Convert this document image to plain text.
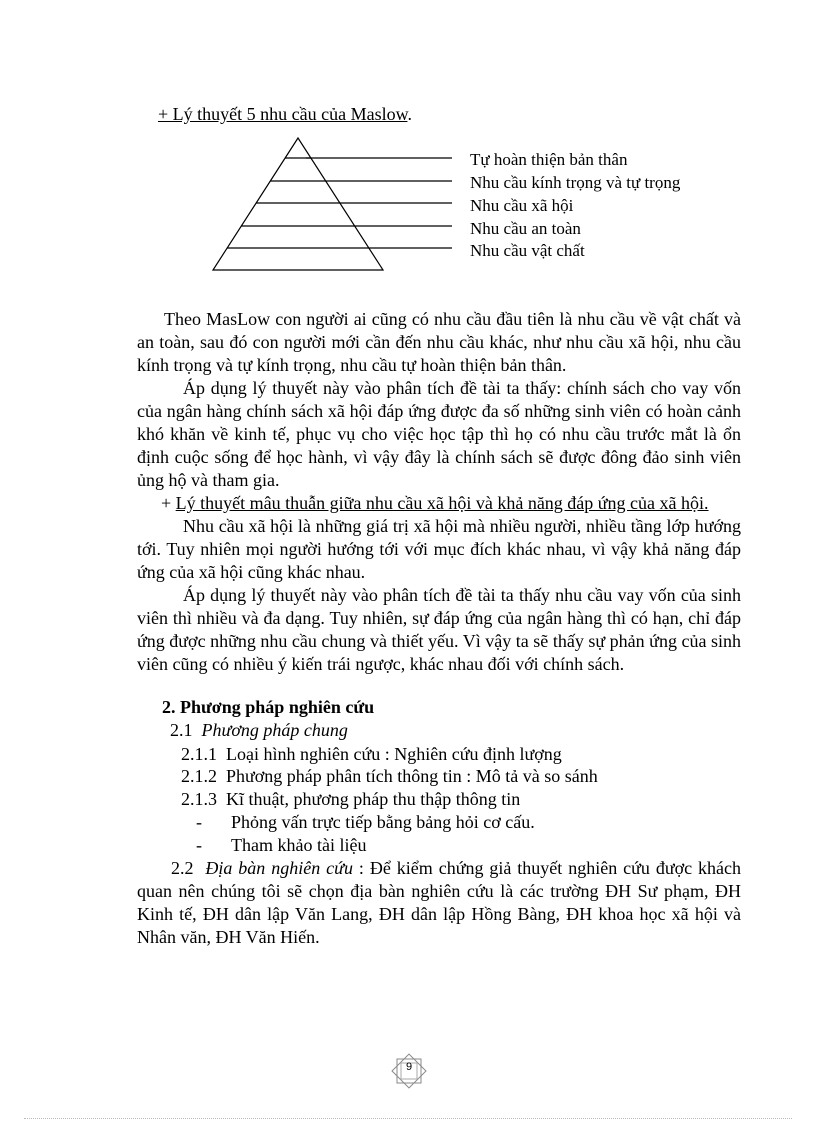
+ Lý thuyết 5 nhu cầu của Maslow.
Tự hoàn thiện bản thân
Nhu cầu kính trọng và tự trọng
Nhu cầu xã hội
Nhu cầu an toàn
Nhu cầu vật chất

Theo MasLow con người ai cũng có nhu cầu đầu tiên là nhu cầu về vật chất và an toàn, sau đó con người mới cần đến nhu cầu khác, như nhu cầu xã hội, nhu cầu kính trọng và tự kính trọng, nhu cầu tự hoàn thiện bản thân.

Áp dụng lý thuyết này vào phân tích đề tài ta thấy: chính sách cho vay vốn của ngân hàng chính sách xã hội đáp ứng được đa số những sinh viên có hoàn cảnh khó khăn về kinh tế, phục vụ cho việc học tập thì họ có nhu cầu trước mắt là ổn định cuộc sống để học hành, vì vậy đây là chính sách sẽ được đông đảo sinh viên ủng hộ và tham gia.

+ Lý thuyết mâu thuẫn giữa nhu cầu xã hội và khả năng đáp ứng của xã hội.

Nhu cầu xã hội là những giá trị xã hội mà nhiều người, nhiều tầng lớp hướng tới. Tuy nhiên mọi người hướng tới với mục đích khác nhau, vì vậy khả năng đáp ứng của xã hội cũng khác nhau.

Áp dụng lý thuyết này vào phân tích đề tài ta thấy nhu cầu vay vốn của sinh viên thì nhiều và đa dạng. Tuy nhiên, sự đáp ứng của ngân hàng thì có hạn, chỉ đáp ứng được những nhu cầu chung và thiết yếu. Vì vậy ta sẽ thấy sự phản ứng của sinh viên cũng có nhiều ý kiến trái ngược, khác nhau đối với chính sách.

2. Phương pháp nghiên cứu
2.1 Phương pháp chung
2.1.1 Loại hình nghiên cứu : Nghiên cứu định lượng
2.1.2 Phương pháp phân tích thông tin : Mô tả và so sánh
2.1.3 Kĩ thuật, phương pháp thu thập thông tin
- Phỏng vấn trực tiếp bằng bảng hỏi cơ cấu.
- Tham khảo tài liệu

2.2 Địa bàn nghiên cứu : Để kiểm chứng giả thuyết nghiên cứu được khách quan nên chúng tôi sẽ chọn địa bàn nghiên cứu là các trường ĐH Sư phạm, ĐH Kinh tế, ĐH dân lập Văn Lang, ĐH dân lập Hồng Bàng, ĐH khoa học xã hội và Nhân văn, ĐH Văn Hiến.

9
